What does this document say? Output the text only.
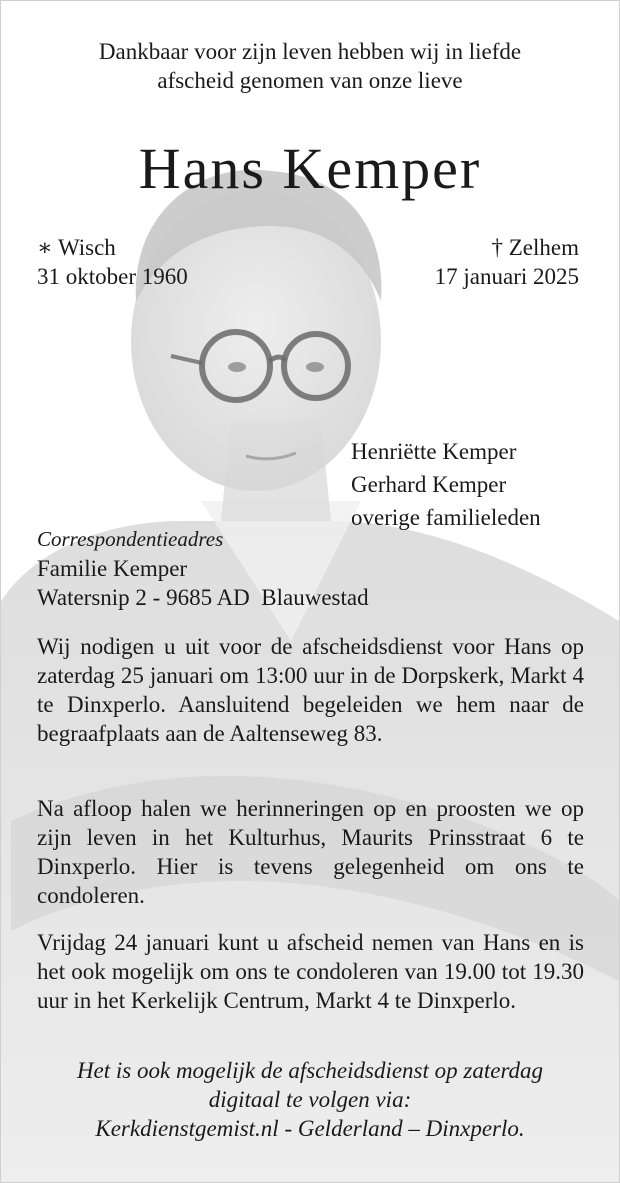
Dankbaar voor zijn leven hebben wij in liefde
afscheid genomen van onze lieve
Hans Kemper
∗ Wisch
31 oktober 1960
† Zelhem
17 januari 2025
Henriëtte Kemper
Gerhard Kemper
overige familieleden
Correspondentieadres
Familie Kemper
Watersnip 2 - 9685 AD  Blauwestad
Wij nodigen u uit voor de afscheidsdienst voor Hans op zaterdag 25 januari om 13:00 uur in de Dorpskerk, Markt 4 te Dinxperlo. Aansluitend begeleiden we hem naar de begraafplaats aan de Aaltenseweg 83.
Na afloop halen we herinneringen op en proosten we op zijn leven in het Kulturhus, Maurits Prinsstraat 6 te Dinxperlo. Hier is tevens gelegenheid om ons te condoleren.
Vrijdag 24 januari kunt u afscheid nemen van Hans en is het ook mogelijk om ons te condoleren van 19.00 tot 19.30 uur in het Kerkelijk Centrum, Markt 4 te Dinxperlo.
Het is ook mogelijk de afscheidsdienst op zaterdag
digitaal te volgen via:
Kerkdienstgemist.nl - Gelderland – Dinxperlo.
